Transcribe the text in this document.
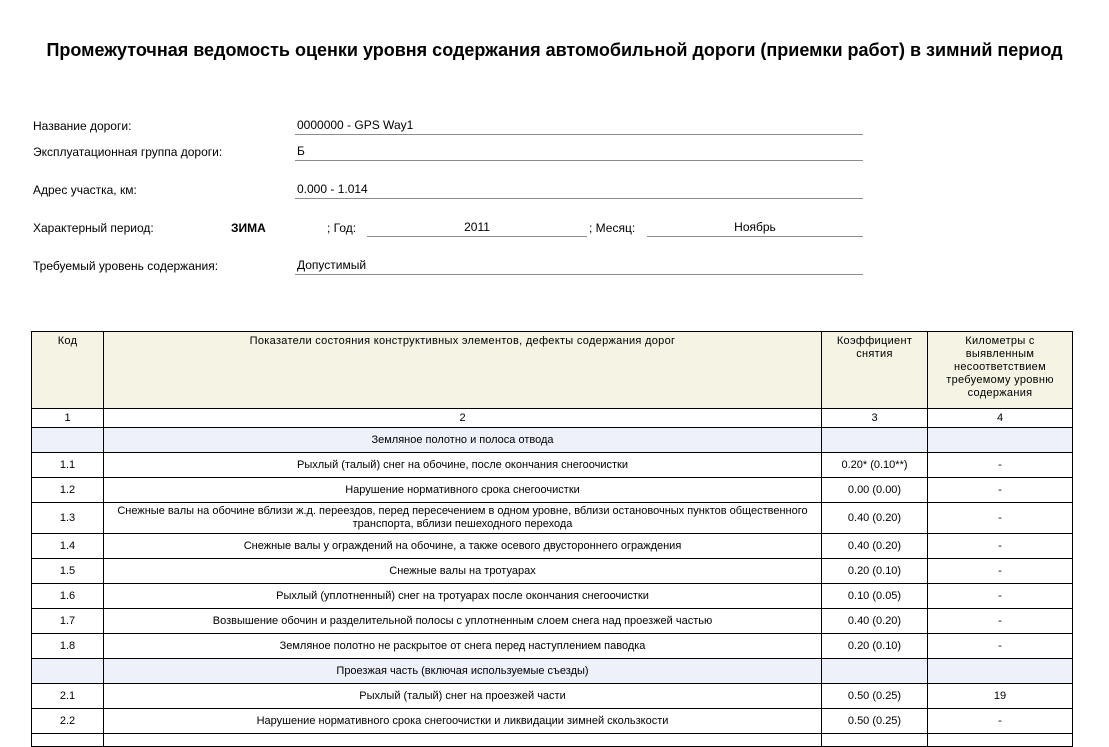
Промежуточная ведомость оценки уровня содержания автомобильной дороги (приемки работ) в зимний период
Название дороги:	0000000 - GPS Way1
Эксплуатационная группа дороги:	Б
Адрес участка, км:	0.000 - 1.014
Характерный период:	ЗИМА	; Год:	2011	; Месяц:	Ноябрь
Требуемый уровень содержания:	Допустимый
Код	Показатели состояния конструктивных элементов, дефекты содержания дорог	Коэффициент снятия	Километры с выявленным несоответствием требуемому уровню содержания
1	2	3	4
	Земляное полотно и полоса отвода		
1.1	Рыхлый (талый) снег на обочине, после окончания снегоочистки	0.20* (0.10**)	-
1.2	Нарушение нормативного срока снегоочистки	0.00 (0.00)	-
1.3	Снежные валы на обочине вблизи ж.д. переездов, перед пересечением в одном уровне, вблизи остановочных пунктов общественного транспорта, вблизи пешеходного перехода	0.40 (0.20)	-
1.4	Снежные валы у ограждений на обочине, а также осевого двустороннего ограждения	0.40 (0.20)	-
1.5	Снежные валы на тротуарах	0.20 (0.10)	-
1.6	Рыхлый (уплотненный) снег на тротуарах после окончания снегоочистки	0.10 (0.05)	-
1.7	Возвышение обочин и разделительной полосы с уплотненным слоем снега над проезжей частью	0.40 (0.20)	-
1.8	Земляное полотно не раскрытое от снега перед наступлением паводка	0.20 (0.10)	-
	Проезжая часть (включая используемые съезды)		
2.1	Рыхлый (талый) снег на проезжей части	0.50 (0.25)	19
2.2	Нарушение нормативного срока снегоочистки и ликвидации зимней скользкости	0.50 (0.25)	-
